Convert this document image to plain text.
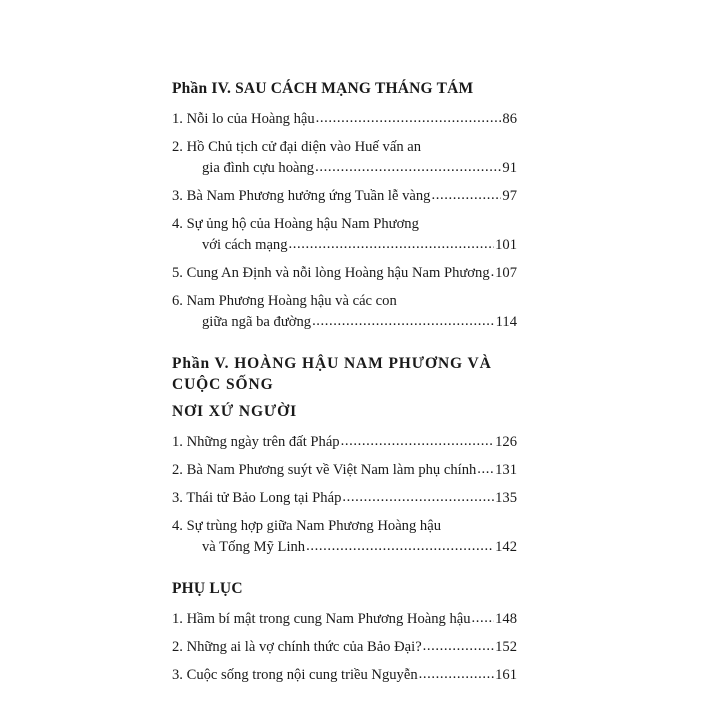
Phần IV. SAU CÁCH MẠNG THÁNG TÁM
1. Nỗi lo của Hoàng hậu .....	86
2. Hồ Chủ tịch cử đại diện vào Huế vấn an
gia đình cựu hoàng .....	91
3. Bà Nam Phương hưởng ứng Tuần lễ vàng .....	97
4. Sự ủng hộ của Hoàng hậu Nam Phương
với cách mạng .....	101
5. Cung An Định và nỗi lòng Hoàng hậu Nam Phương ..... 107
6. Nam Phương Hoàng hậu và các con
giữa ngã ba đường .....	114
Phần V. HOÀNG HẬU NAM PHƯƠNG VÀ CUỘC SỐNG
NƠI XỨ NGƯỜI
1. Những ngày trên đất Pháp .....	126
2. Bà Nam Phương suýt về Việt Nam làm phụ chính ..... 131
3. Thái tử Bảo Long tại Pháp .....	135
4. Sự trùng hợp giữa Nam Phương Hoàng hậu
và Tống Mỹ Linh .....	142
PHỤ LỤC
1. Hầm bí mật trong cung Nam Phương Hoàng hậu ..... 148
2. Những ai là vợ chính thức của Bảo Đại? .....	152
3. Cuộc sống trong nội cung triều Nguyễn .....	161
